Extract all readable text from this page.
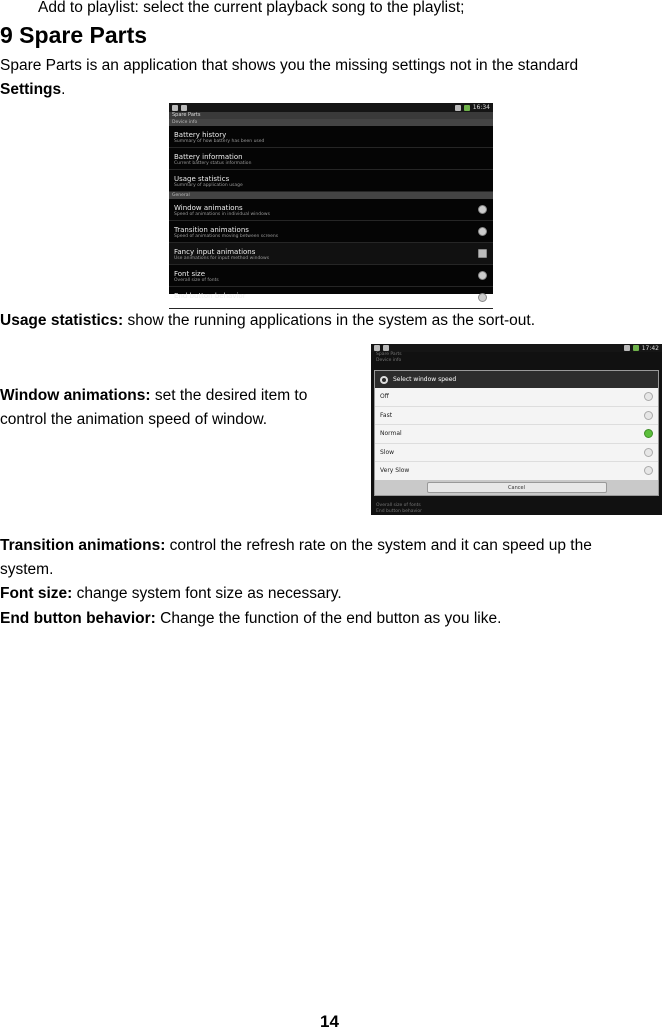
Add to playlist: select the current playback song to the playlist;
9 Spare Parts
Spare Parts is an application that shows you the missing settings not in the standard
Settings.
16:34
Spare Parts
Device info
Battery history
Summary of how battery has been used
Battery information
Current battery status information
Usage statistics
Summary of application usage
General
Window animations
Speed of animations in individual windows
Transition animations
Speed of animations moving between screens
Fancy input animations
Use animations for input method windows
Font size
Overall size of fonts
End button behavior
Usage statistics: show the running applications in the system as the sort-out.
Window animations: set the desired item to
control the animation speed of window.
17:42
Spare Parts
Device info
Select window speed
Off
Fast
Normal
Slow
Very Slow
Cancel
Overall size of fonts
End button behavior
Transition animations: control the refresh rate on the system and it can speed up the
system.
Font size: change system font size as necessary.
End button behavior: Change the function of the end button as you like.
14
